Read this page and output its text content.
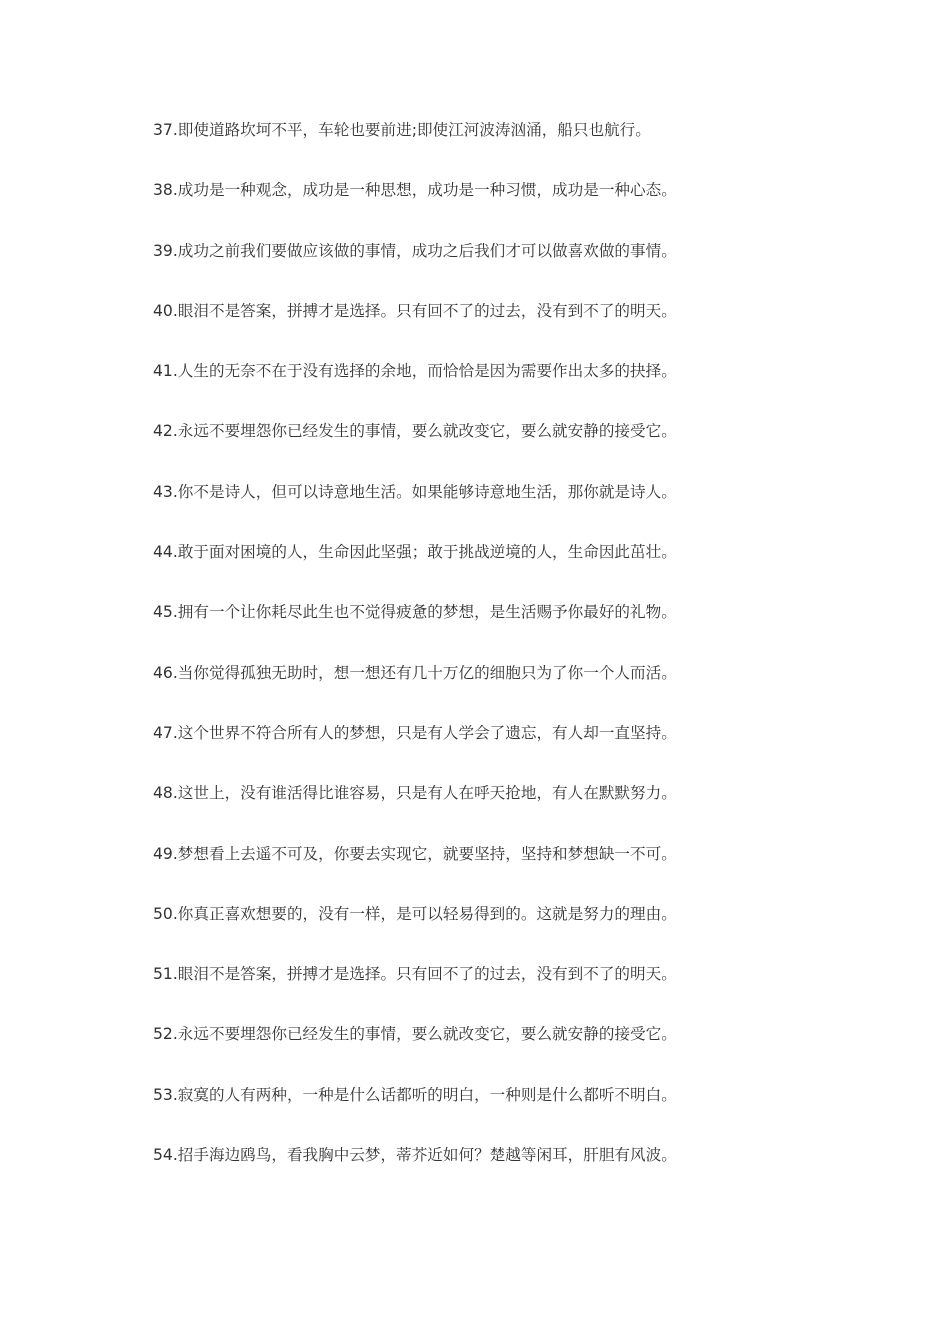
37.即使道路坎坷不平，车轮也要前进;即使江河波涛汹涌，船只也航行。
38.成功是一种观念，成功是一种思想，成功是一种习惯，成功是一种心态。
39.成功之前我们要做应该做的事情，成功之后我们才可以做喜欢做的事情。
40.眼泪不是答案，拼搏才是选择。只有回不了的过去，没有到不了的明天。
41.人生的无奈不在于没有选择的余地，而恰恰是因为需要作出太多的抉择。
42.永远不要埋怨你已经发生的事情，要么就改变它，要么就安静的接受它。
43.你不是诗人，但可以诗意地生活。如果能够诗意地生活，那你就是诗人。
44.敢于面对困境的人，生命因此坚强；敢于挑战逆境的人，生命因此茁壮。
45.拥有一个让你耗尽此生也不觉得疲惫的梦想，是生活赐予你最好的礼物。
46.当你觉得孤独无助时，想一想还有几十万亿的细胞只为了你一个人而活。
47.这个世界不符合所有人的梦想，只是有人学会了遗忘，有人却一直坚持。
48.这世上，没有谁活得比谁容易，只是有人在呼天抢地，有人在默默努力。
49.梦想看上去遥不可及，你要去实现它，就要坚持，坚持和梦想缺一不可。
50.你真正喜欢想要的，没有一样，是可以轻易得到的。这就是努力的理由。
51.眼泪不是答案，拼搏才是选择。只有回不了的过去，没有到不了的明天。
52.永远不要埋怨你已经发生的事情，要么就改变它，要么就安静的接受它。
53.寂寞的人有两种，一种是什么话都听的明白，一种则是什么都听不明白。
54.招手海边鸥鸟，看我胸中云梦，蒂芥近如何？楚越等闲耳，肝胆有风波。
